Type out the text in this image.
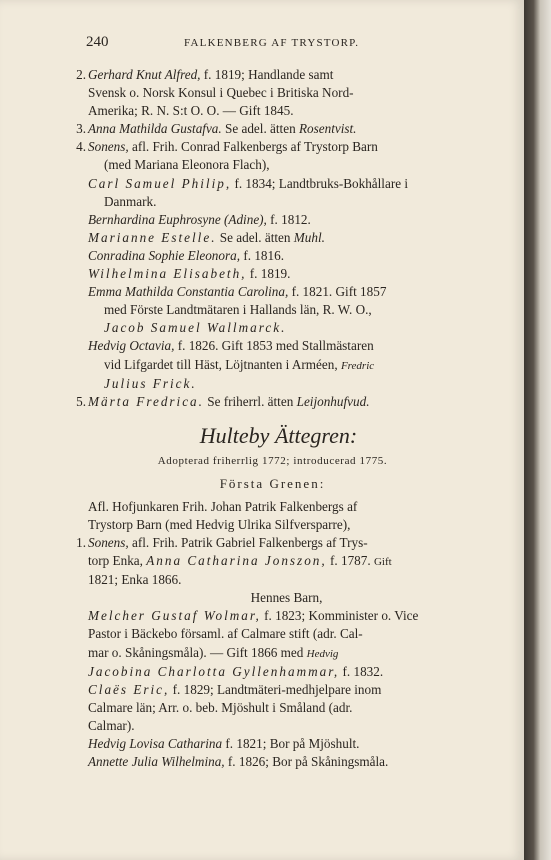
240	FALKENBERG AF TRYSTORP.
2. Gerhard Knut Alfred, f. 1819; Handlande samt
Svensk o. Norsk Konsul i Quebec i Britiska Nord-
Amerika; R. N. S:t O. O. — Gift 1845.
3. Anna Mathilda Gustafva. Se adel. ätten Rosentvist.
4. Sonens, afl. Frih. Conrad Falkenbergs af Trystorp Barn
(med Mariana Eleonora Flach),
Carl Samuel Philip, f. 1834; Landtbruks-Bokhållare i
Danmark.
Bernhardina Euphrosyne (Adine), f. 1812.
Marianne Estelle. Se adel. ätten Muhl.
Conradina Sophie Eleonora, f. 1816.
Wilhelmina Elisabeth, f. 1819.
Emma Mathilda Constantia Carolina, f. 1821. Gift 1857
med Förste Landtmätaren i Hallands län, R. W. O.,
Jacob Samuel Wallmarck.
Hedvig Octavia, f. 1826. Gift 1853 med Stallmästaren
vid Lifgardet till Häst, Löjtnanten i Arméen, Fredric
Julius Frick.
5. Märta Fredrica. Se friherrl. ätten Leijonhufvud.
Hulteby Ättegren:
Adopterad friherrlig 1772; introducerad 1775.
Första Grenen:
Afl. Hofjunkaren Frih. Johan Patrik Falkenbergs af
Trystorp Barn (med Hedvig Ulrika Silfversparre),
1. Sonens, afl. Frih. Patrik Gabriel Falkenbergs af Trys-
torp Enka, Anna Catharina Jonszon, f. 1787. Gift
1821; Enka 1866.
Hennes Barn,
Melcher Gustaf Wolmar, f. 1823; Komminister o. Vice
Pastor i Bäckebo församl. af Calmare stift (adr. Cal-
mar o. Skåningsmåla). — Gift 1866 med Hedvig
Jacobina Charlotta Gyllenhammar, f. 1832.
Claës Eric, f. 1829; Landtmäteri-medhjelpare inom
Calmare län; Arr. o. beb. Mjöshult i Småland (adr.
Calmar).
Hedvig Lovisa Catharina f. 1821; Bor på Mjöshult.
Annette Julia Wilhelmina, f. 1826; Bor på Skåningsmåla.
